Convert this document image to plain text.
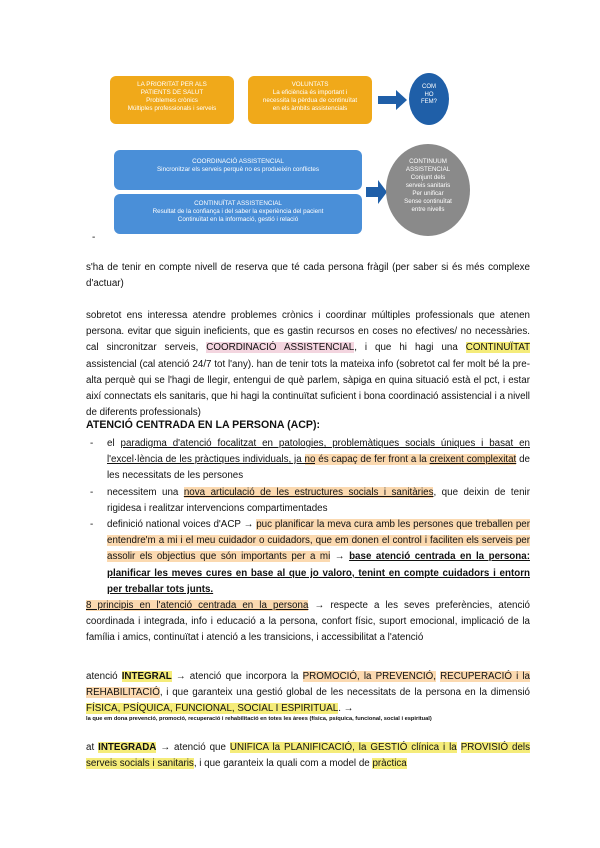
LA PRIORITAT PER ALS
PATIENTS DE SALUT
Problemes crònics
Múltiples professionals i serveis
VOLUNTATS
La eficiència és important i
necessita la pèrdua de continuïtat
en els àmbits assistencials
COM
HO
FEM?
COORDINACIÓ ASSISTENCIAL
Sincronitzar els serveis perquè no es produeixin conflictes
CONTINUÏTAT ASSISTENCIAL
Resultat de la confiança i del saber la experiència del pacient
Continuïtat en la informació, gestió i relació
CONTINUUM
ASSISTENCIAL
Conjunt dels
serveis sanitaris
Per unificar
Sense continuïtat
entre nivells
-

s'ha de tenir en compte nivell de reserva que té cada persona fràgil (per saber si és més complexe d'actuar)

sobretot ens interessa atendre problemes crònics i coordinar múltiples professionals que atenen persona. evitar que siguin ineficients, que es gastin recursos en coses no efectives/ no necessàries. cal sincronitzar serveis, COORDINACIÓ ASSISTENCIAL, i que hi hagi una CONTINUÏTAT assistencial (cal atenció 24/7 tot l'any). han de tenir tots la mateixa info (sobretot cal fer molt bé la pre-alta perquè qui se l'hagi de llegir, entengui de què parlem, sàpiga en quina situació està el pct, i estar així connectats els sanitaris, que hi hagi la continuïtat suficient i bona coordinació assistencial i a nivell de diferents professionals)

ATENCIÓ CENTRADA EN LA PERSONA (ACP):
- el paradigma d'atenció focalitzat en patologies, problemàtiques socials úniques i basat en l'excel·lència de les pràctiques individuals, ja no és capaç de fer front a la creixent complexitat de les necessitats de les persones
- necessitem una nova articulació de les estructures socials i sanitàries, que deixin de tenir rigidesa i realitzar intervencions compartimentades
- definició national voices d'ACP → puc planificar la meva cura amb les persones que treballen per entendre'm a mi i el meu cuidador o cuidadors, que em donen el control i faciliten els serveis per assolir els objectius que són importants per a mi → base atenció centrada en la persona: planificar les meves cures en base al que jo valoro, tenint en compte cuidadors i entorn per treballar tots junts.

8 principis en l'atenció centrada en la persona → respecte a les seves preferències, atenció coordinada i integrada, info i educació a la persona, confort físic, suport emocional, implicació de la família i amics, continuïtat i atenció a les transicions, i accessibilitat a l'atenció

atenció INTEGRAL → atenció que incorpora la PROMOCIÓ, la PREVENCIÓ, RECUPERACIÓ i la REHABILITACIÓ, i que garanteix una gestió global de les necessitats de la persona en la dimensió FÍSICA, PSÍQUICA, FUNCIONAL, SOCIAL I ESPIRITUAL. →

la que em dona prevenció, promoció, recuperació i rehabilitació en totes les àrees (física, psíquica, funcional, social i espiritual)

at INTEGRADA → atenció que UNIFICA la PLANIFICACIÓ, la GESTIÓ clínica i la PROVISIÓ dels serveis socials i sanitaris, i que garanteix la quali com a model de pràctica
